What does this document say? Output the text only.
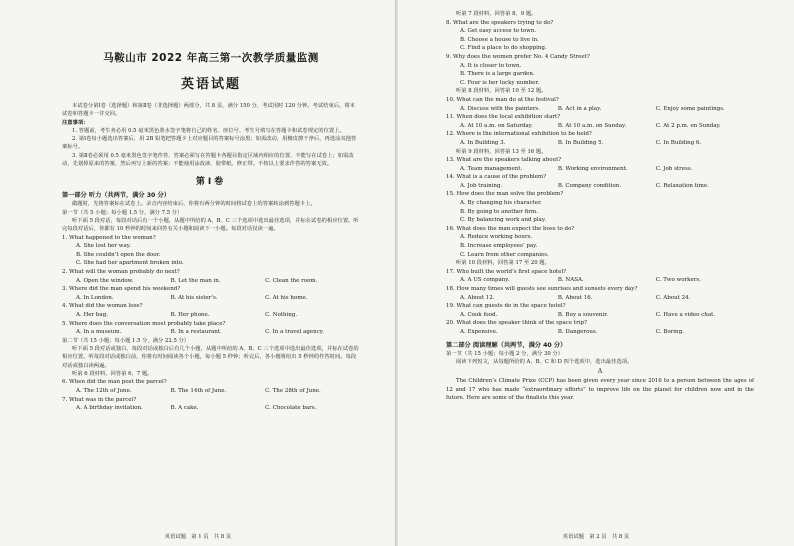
马鞍山市 2022 年高三第一次教学质量监测
英语试题

本试卷分第Ⅰ卷（选择题）和第Ⅱ卷（非选择题）两部分，共 8 页，满分 150 分，考试用时 120 分钟。考试结束后，将本试卷和答题卡一并交回。

注意事项：

1. 答题前，考生务必用 0.5 毫米黑色墨水签字笔将自己的姓名、座位号、考生号填写在答题卡和试卷规定的位置上。

2. 第Ⅰ卷每小题选出答案后，用 2B 铅笔把答题卡上对应题目的答案标号涂黑；如需改动，用橡皮擦干净后，再选涂其他答案标号。

3. 第Ⅱ卷必须用 0.5 毫米黑色签字笔作答，答案必须写在答题卡各题目指定区域内相应的位置，不能写在试卷上；如需改动，先划掉原来的答案，然后再写上新的答案；不能使用涂改液、胶带纸、修正带。不按以上要求作答的答案无效。

第Ⅰ卷

第一部分 听力（共两节，满分 30 分）

做题时，先将答案标在试卷上。录音内容结束后，你将有两分钟的时间将试卷上的答案转涂到答题卡上。

第一节（共 5 小题；每小题 1.5 分，满分 7.5 分）

听下面 5 段对话，每段对话后有一个小题，从题中所给的 A、B、C 三个选项中选出最佳选项，并标在试卷的相应位置。听完每段对话后，你都有 10 秒钟的时间来回答有关小题和阅读下一小题。每段对话仅读一遍。

1. What happened to the woman?

A. She lost her way.

B. She couldn’t open the door.

C. She had her apartment broken into.

2. What will the woman probably do next?

A. Open the window.	B. Let the man in.	C. Clean the room.

3. Where did the man spend his weekend?

A. In London.	B. At his sister’s.	C. At his home.

4. What did the woman lose?

A. Her bag.	B. Her phone.	C. Nothing.

5. Where does the conversation most probably take place?

A. In a museum.	B. In a restaurant.	C. In a travel agency.

第二节（共 15 小题；每小题 1.5 分，满分 22.5 分）

听下面 5 段对话或独白，每段对话或独白后有几个小题，从题中所给的 A、B、C 三个选项中选出最佳选项，并标在试卷的相应位置。听每段对话或独白前，你将有时间阅读各个小题，每小题 5 秒钟；听完后，各小题将给出 5 秒钟的作答时间。每段对话或独白读两遍。

听第 6 段材料，回答第 6、7 题。

6. When did the man post the parcel?

A. The 12th of June.	B. The 14th of June.	C. The 28th of June.

7. What was in the parcel?

A. A birthday invitation.	B. A cake.	C. Chocolate bars.
英语试题　第 1 页　共 8 页

听第 7 段材料，回答第 8、9 题。

8. What are the speakers trying to do?

A. Get easy access to town.

B. Choose a house to live in.

C. Find a place to do shopping.

9. Why does the women prefer No. 4 Candy Street?

A. It is closer to town.

B. There is a large garden.

C. Four is her lucky number.

听第 8 段材料，回答第 10 至 12 题。

10. What can the man do at the festival?

A. Discuss with the painters.	B. Act in a play.	C. Enjoy some paintings.

11. When does the local exhibition start?

A. At 10 a.m. on Saturday.	B. At 10 a.m. on Sunday.	C. At 2 p.m. on Sunday.

12. Where is the international exhibition to be held?

A. In Building 3.	B. In Building 5.	C. In Building 6.

听第 9 段材料，回答第 13 至 16 题。

13. What are the speakers talking about?

A. Team management.	B. Working environment.	C. Job stress.

14. What is a cause of the problem?

A. Job training.	B. Company condition.	C. Relaxation time.

15. How does the man solve the problem?

A. By changing his character.

B. By going to another firm.

C. By balancing work and play.

16. What does the man expect the boss to do?

A. Reduce working hours.

B. Increase employees’ pay.

C. Learn from other companies.

听第 10 段材料，回答第 17 至 20 题。

17. Who built the world’s first space hotel?

A. A US company.	B. NASA.	C. Two workers.

18. How many times will guests see sunrises and sunsets every day?

A. About 12.	B. About 16.	C. About 24.

19. What can guests do in the space hotel?

A. Cook food.	B. Buy a souvenir.	C. Have a video chat.

20. What does the speaker think of the space trip?

A. Expensive.	B. Dangerous.	C. Boring.

第二部分 阅读理解（共两节，满分 40 分）

第一节（共 15 小题；每小题 2 分，满分 30 分）

阅读下列短文，从每题所给的 A、B、C 和 D 四个选项中，选出最佳选项。

A

The Children’s Climate Prize (CCP) has been given every year since 2016 to a person between the ages of 12 and 17 who has made “extraordinary efforts” to improve life on the planet for children now and in the future. Here are some of the finalists this year.

英语试题　第 2 页　共 8 页
